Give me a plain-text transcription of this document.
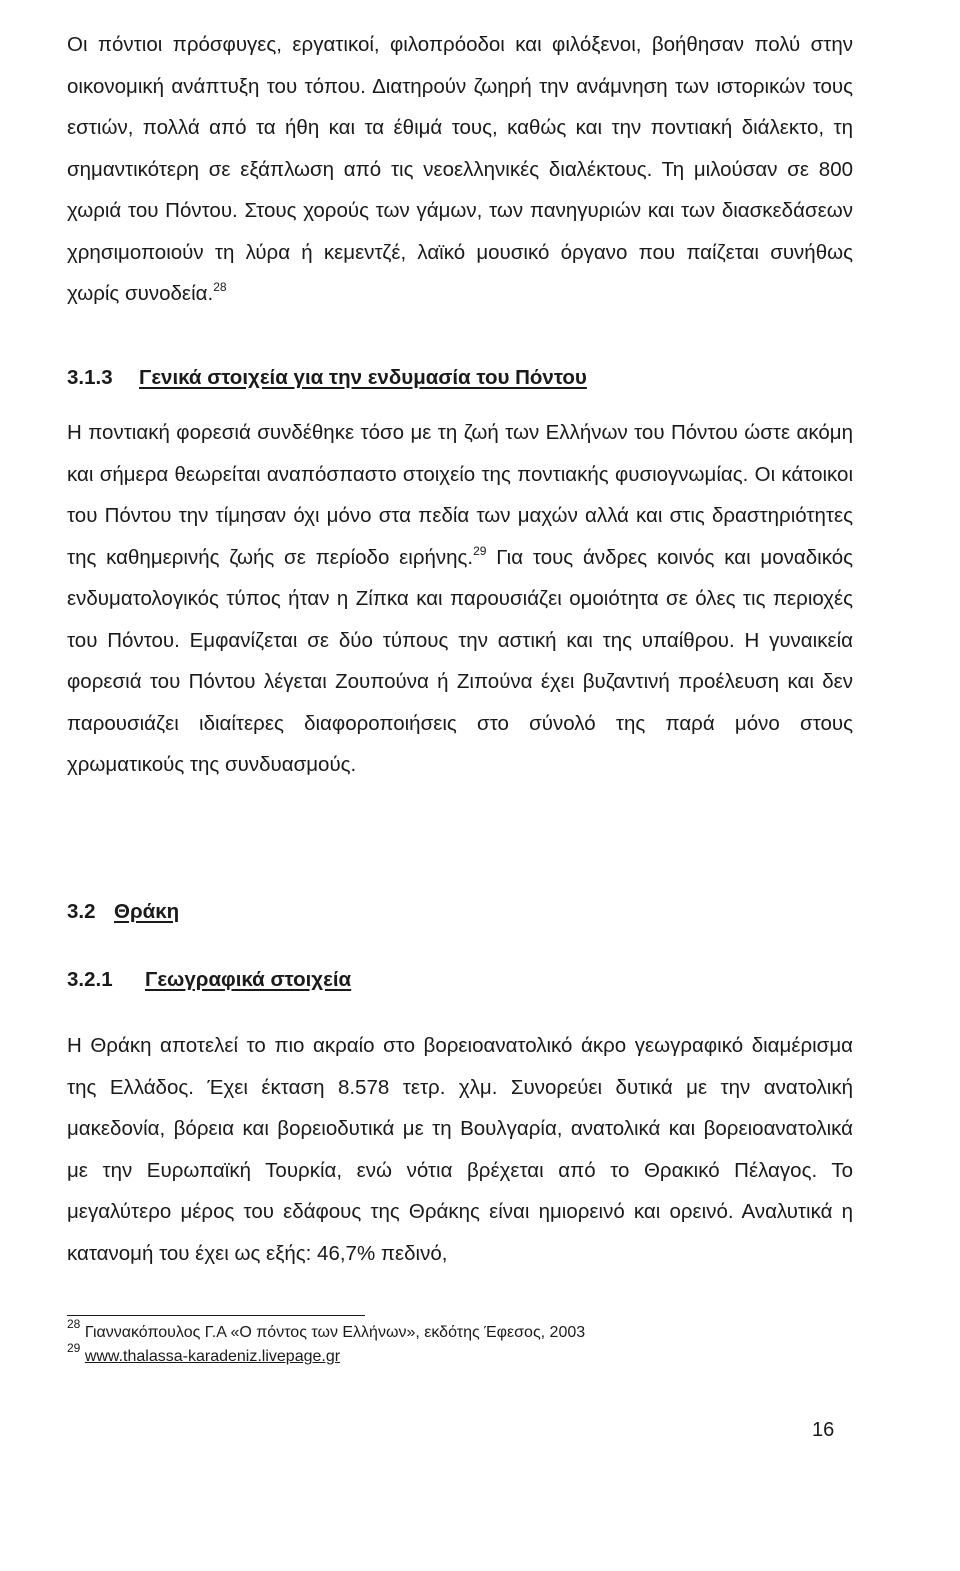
Οι πόντιοι πρόσφυγες, εργατικοί, φιλοπρόοδοι και φιλόξενοι, βοήθησαν πολύ στην οικονομική ανάπτυξη του τόπου. Διατηρούν ζωηρή την ανάμνηση των ιστορικών τους εστιών, πολλά από τα ήθη και τα έθιμά τους, καθώς και την ποντιακή διάλεκτο, τη σημαντικότερη σε εξάπλωση από τις νεοελληνικές διαλέκτους. Τη μιλούσαν σε 800 χωριά του Πόντου. Στους χορούς των γάμων, των πανηγυριών και των διασκεδάσεων χρησιμοποιούν τη λύρα ή κεμεντζέ, λαϊκό μουσικό όργανο που παίζεται συνήθως χωρίς συνοδεία.$^{28}$

3.1.3 Γενικά στοιχεία για την ενδυμασία του Πόντου

Η ποντιακή φορεσιά συνδέθηκε τόσο με τη ζωή των Ελλήνων του Πόντου ώστε ακόμη και σήμερα θεωρείται αναπόσπαστο στοιχείο της ποντιακής φυσιογνωμίας. Οι κάτοικοι του Πόντου την τίμησαν όχι μόνο στα πεδία των μαχών αλλά και στις δραστηριότητες της καθημερινής ζωής σε περίοδο ειρήνης.$^{29}$ Για τους άνδρες κοινός και μοναδικός ενδυματολογικός τύπος ήταν η Ζίπκα και παρουσιάζει ομοιότητα σε όλες τις περιοχές του Πόντου. Εμφανίζεται σε δύο τύπους την αστική και της υπαίθρου. Η γυναικεία φορεσιά του Πόντου λέγεται Ζουπούνα ή Ζιπούνα έχει βυζαντινή προέλευση και δεν παρουσιάζει ιδιαίτερες διαφοροποιήσεις στο σύνολό της παρά μόνο στους χρωματικούς της συνδυασμούς.

3.2 Θράκη
3.2.1 Γεωγραφικά στοιχεία

Η Θράκη αποτελεί το πιο ακραίο στο βορειοανατολικό άκρο γεωγραφικό διαμέρισμα της Ελλάδος. Έχει έκταση 8.578 τετρ. χλμ. Συνορεύει δυτικά με την ανατολική μακεδονία, βόρεια και βορειοδυτικά με τη Βουλγαρία, ανατολικά και βορειοανατολικά με την Ευρωπαϊκή Τουρκία, ενώ νότια βρέχεται από το Θρακικό Πέλαγος. Το μεγαλύτερο μέρος του εδάφους της Θράκης είναι ημιορεινό και ορεινό. Αναλυτικά η κατανομή του έχει ως εξής: 46,7% πεδινό,

$^{28}$ Γιαννακόπουλος Γ.Α «Ο πόντος των Ελλήνων», εκδότης Έφεσος, 2003

$^{29}$ www.thalassa-karadeniz.livepage.gr

16
